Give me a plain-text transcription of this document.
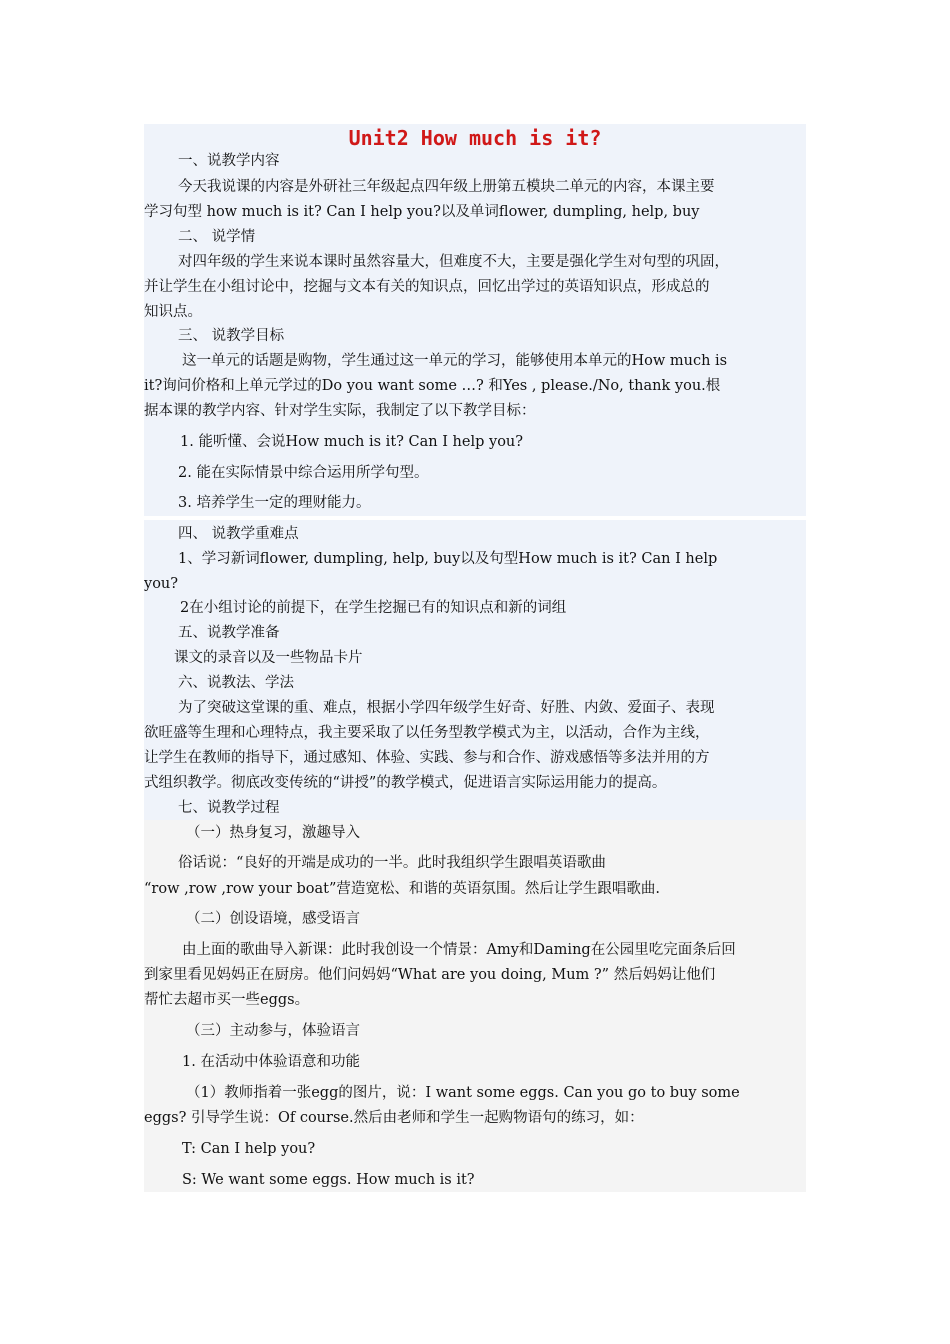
Unit2 How much is it?

一、说教学内容

今天我说课的内容是外研社三年级起点四年级上册第五模块二单元的内容，本课主要

学习句型 how much is it? Can I help you?以及单词flower, dumpling, help, buy

二、 说学情

对四年级的学生来说本课时虽然容量大，但难度不大，主要是强化学生对句型的巩固，

并让学生在小组讨论中，挖掘与文本有关的知识点，回忆出学过的英语知识点，形成总的

知识点。

三、 说教学目标

这一单元的话题是购物，学生通过这一单元的学习，能够使用本单元的How much is

it?询问价格和上单元学过的Do you want some …? 和Yes , please./No, thank you.根

据本课的教学内容、针对学生实际，我制定了以下教学目标：

1. 能听懂、会说How much is it? Can I help you?

2. 能在实际情景中综合运用所学句型。

3. 培养学生一定的理财能力。

四、 说教学重难点

1、学习新词flower, dumpling, help, buy以及句型How much is it? Can I help

you?

2在小组讨论的前提下，在学生挖掘已有的知识点和新的词组

五、说教学准备

课文的录音以及一些物品卡片

六、说教法、学法

为了突破这堂课的重、难点，根据小学四年级学生好奇、好胜、内敛、爱面子、表现

欲旺盛等生理和心理特点，我主要采取了以任务型教学模式为主，以活动，合作为主线，

让学生在教师的指导下，通过感知、体验、实践、参与和合作、游戏感悟等多法并用的方

式组织教学。彻底改变传统的“讲授”的教学模式，促进语言实际运用能力的提高。

七、说教学过程

（一）热身复习，激趣导入

俗话说：“良好的开端是成功的一半。此时我组织学生跟唱英语歌曲

“row ,row ,row your boat”营造宽松、和谐的英语氛围。然后让学生跟唱歌曲.

（二）创设语境，感受语言

由上面的歌曲导入新课：此时我创设一个情景：Amy和Daming在公园里吃完面条后回

到家里看见妈妈正在厨房。他们问妈妈“What are you doing, Mum ?” 然后妈妈让他们

帮忙去超市买一些eggs。

（三）主动参与，体验语言

1. 在活动中体验语意和功能

（1）教师指着一张egg的图片，说：I want some eggs. Can you go to buy some

eggs? 引导学生说：Of course.然后由老师和学生一起购物语句的练习，如：

T: Can I help you?

S: We want some eggs. How much is it?
